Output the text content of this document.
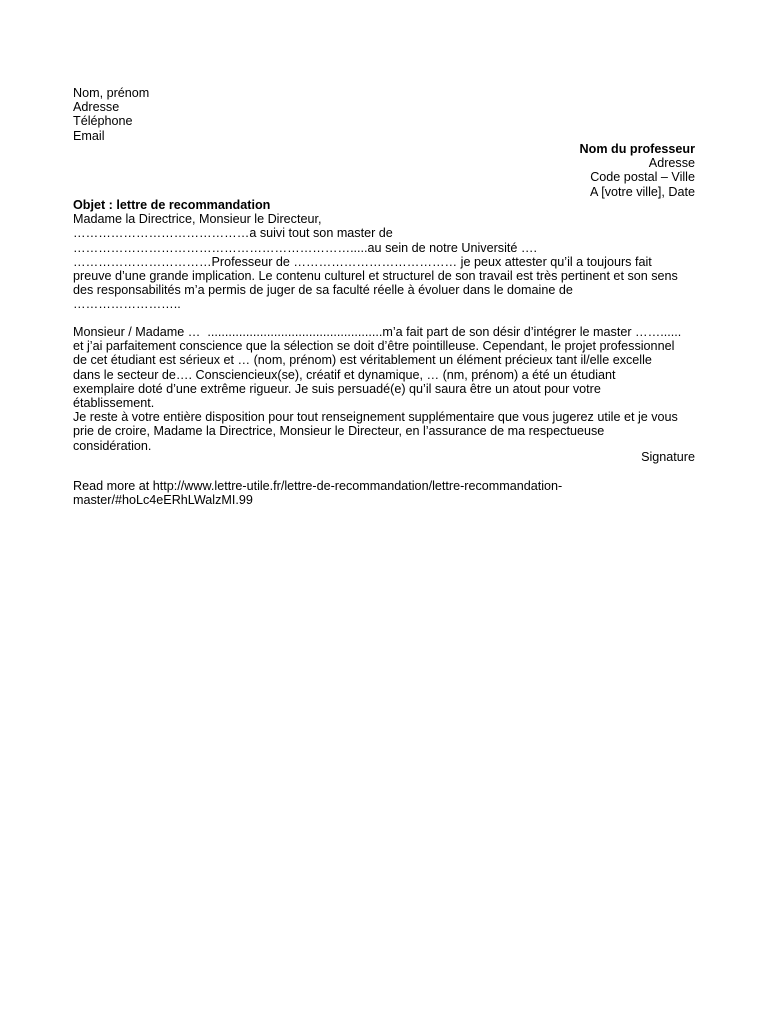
Nom, prénom
Adresse
Téléphone
Email
Nom du professeur
Adresse
Code postal – Ville
A [votre ville], Date
Objet : lettre de recommandation
Madame la Directrice, Monsieur le Directeur,
……………………………………a suivi tout son master de
………………………………………………………….....au sein de notre Université ….
……………………………Professeur de ………………………………… je peux attester qu’il a toujours fait
preuve d’une grande implication. Le contenu culturel et structurel de son travail est très pertinent et son sens
des responsabilités m’a permis de juger de sa faculté réelle à évoluer dans le domaine de
……………………..
Monsieur / Madame …  ..................................................m’a fait part de son désir d’intégrer le master ……......
et j’ai parfaitement conscience que la sélection se doit d’être pointilleuse. Cependant, le projet professionnel
de cet étudiant est sérieux et … (nom, prénom) est véritablement un élément précieux tant il/elle excelle
dans le secteur de…. Consciencieux(se), créatif et dynamique, … (nm, prénom) a été un étudiant
exemplaire doté d’une extrême rigueur. Je suis persuadé(e) qu’il saura être un atout pour votre
établissement.
Je reste à votre entière disposition pour tout renseignement supplémentaire que vous jugerez utile et je vous
prie de croire, Madame la Directrice, Monsieur le Directeur, en l’assurance de ma respectueuse
considération.
Signature
Read more at http://www.lettre-utile.fr/lettre-de-recommandation/lettre-recommandation-
master/#hoLc4eERhLWalzMI.99
